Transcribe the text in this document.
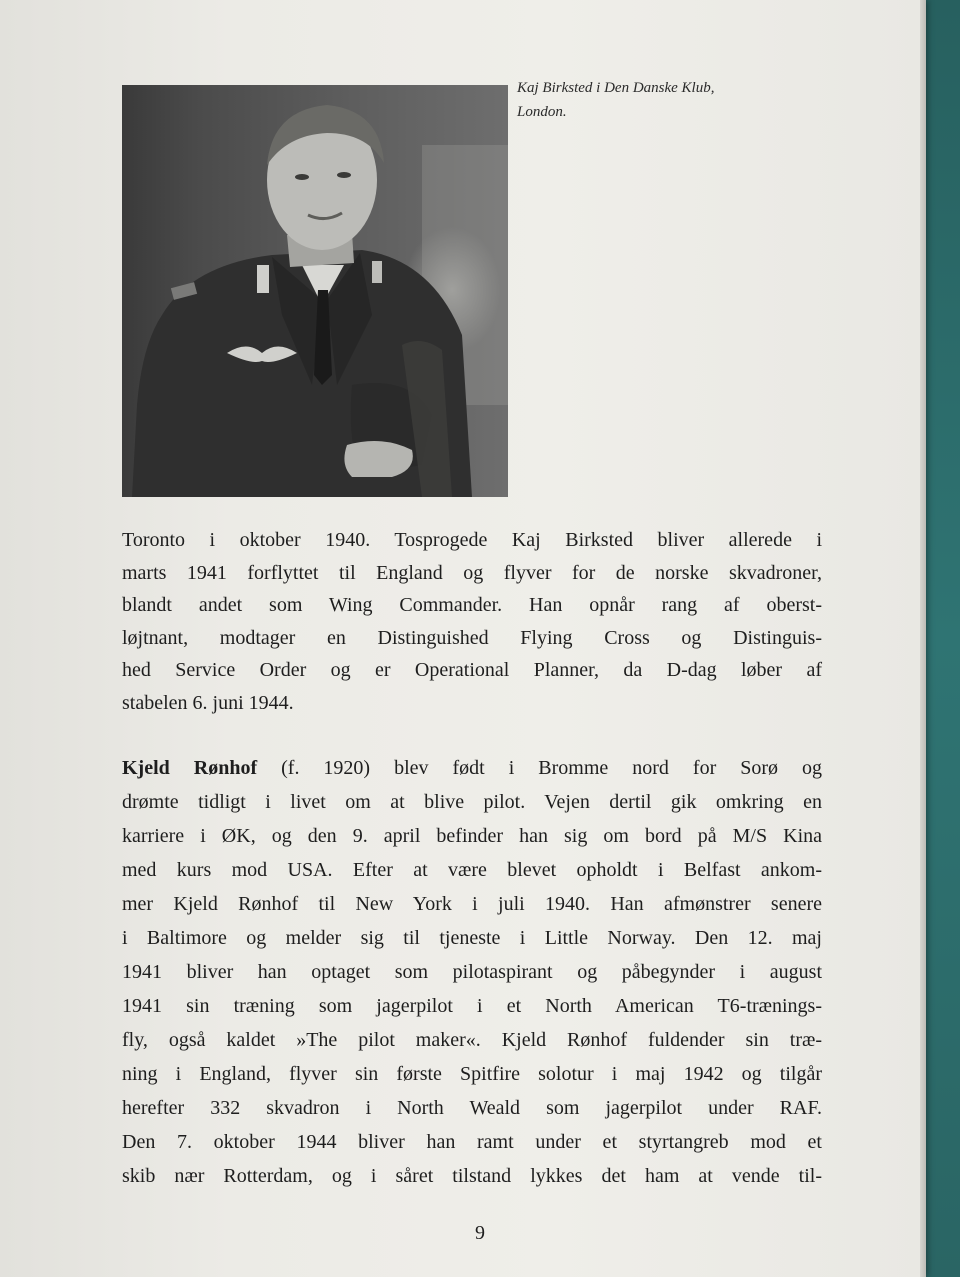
Kaj Birksted i Den Danske Klub,
London.

Toronto i oktober 1940. Tosprogede Kaj Birksted bliver allerede i
marts 1941 forflyttet til England og flyver for de norske skvadroner,
blandt andet som Wing Commander. Han opnår rang af oberst-
løjtnant, modtager en Distinguished Flying Cross og Distinguis-
hed Service Order og er Operational Planner, da D-dag løber af
stabelen 6. juni 1944.

Kjeld Rønhof (f. 1920) blev født i Bromme nord for Sorø og
drømte tidligt i livet om at blive pilot. Vejen dertil gik omkring en
karriere i ØK, og den 9. april befinder han sig om bord på M/S Kina
med kurs mod USA. Efter at være blevet opholdt i Belfast ankom-
mer Kjeld Rønhof til New York i juli 1940. Han afmønstrer senere
i Baltimore og melder sig til tjeneste i Little Norway. Den 12. maj
1941 bliver han optaget som pilotaspirant og påbegynder i august
1941 sin træning som jagerpilot i et North American T6-trænings-
fly, også kaldet »The pilot maker«. Kjeld Rønhof fuldender sin træ-
ning i England, flyver sin første Spitfire solotur i maj 1942 og tilgår
herefter 332 skvadron i North Weald som jagerpilot under RAF.
Den 7. oktober 1944 bliver han ramt under et styrtangreb mod et
skib nær Rotterdam, og i såret tilstand lykkes det ham at vende til-

9
